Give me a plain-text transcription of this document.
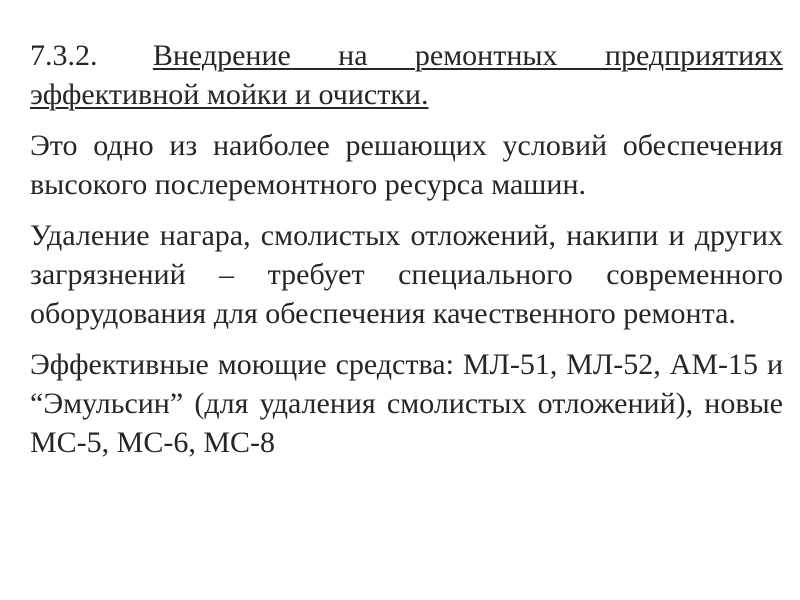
7.3.2. Внедрение на ремонтных предприятиях эффективной мойки и очистки.

Это одно из наиболее решающих условий обеспечения высокого послеремонтного ресурса машин.

Удаление нагара, смолистых отложений, накипи и других загрязнений – требует специального современного оборудования для обеспечения качественного ремонта.

Эффективные моющие средства: МЛ-51, МЛ-52, АМ-15 и “Эмульсин” (для удаления смолистых отложений), новые МС-5, МС-6, МС-8
